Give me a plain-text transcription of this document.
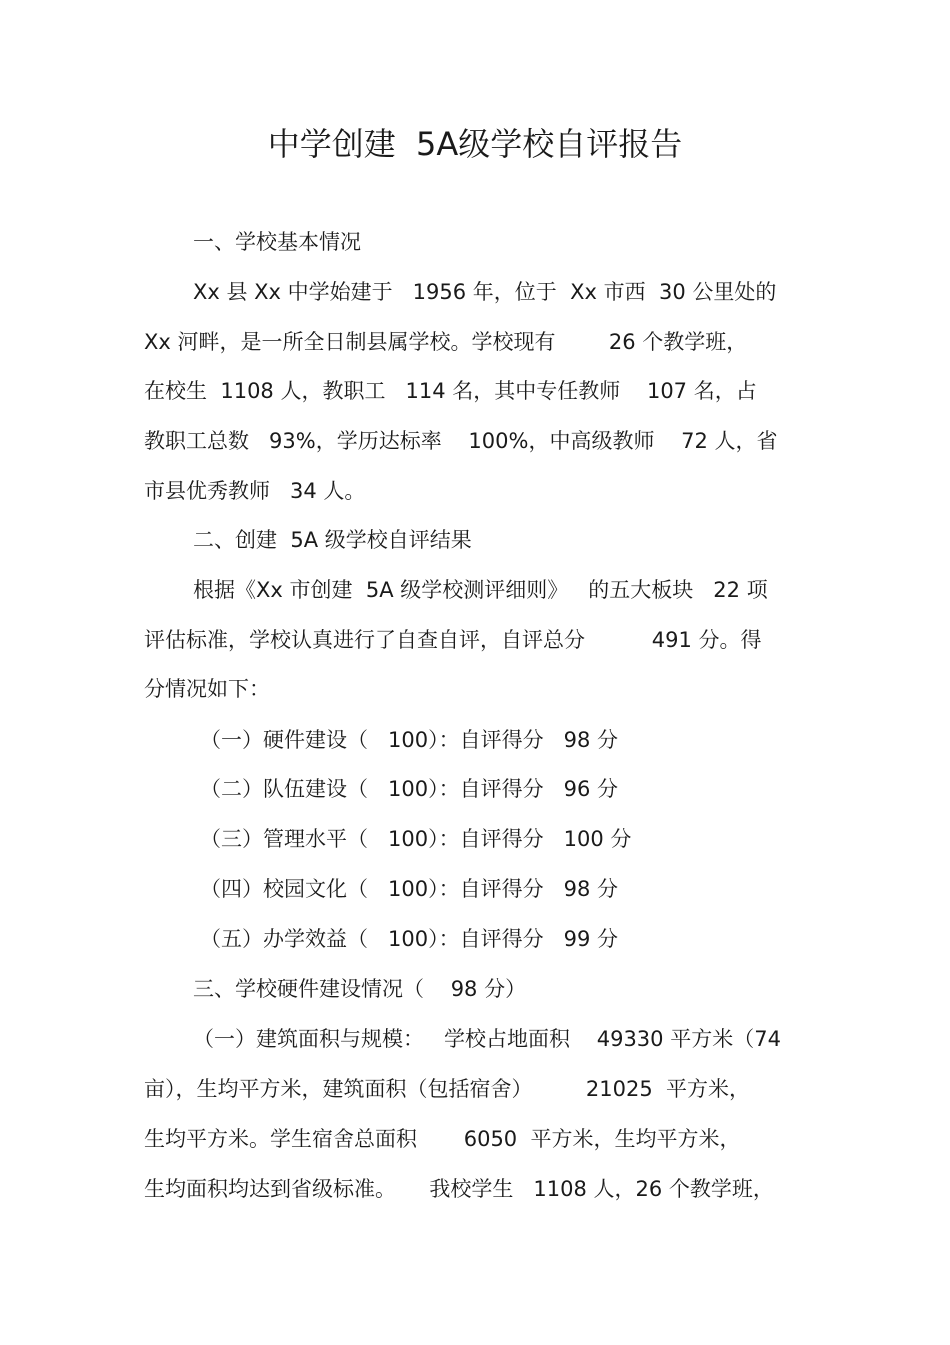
中学创建  5A级学校自评报告
一、学校基本情况
Xx 县 Xx 中学始建于   1956 年，位于  Xx 市西  30 公里处的
Xx 河畔，是一所全日制县属学校。学校现有        26 个教学班，
在校生  1108 人，教职工   114 名，其中专任教师    107 名，占
教职工总数   93%，学历达标率    100%，中高级教师    72 人，省
市县优秀教师   34 人。
二、创建  5A 级学校自评结果
根据《Xx 市创建  5A 级学校测评细则》   的五大板块   22 项
评估标准，学校认真进行了自查自评，自评总分          491 分。得
分情况如下：
（一）硬件建设（   100）：自评得分   98 分
（二）队伍建设（   100）：自评得分   96 分
（三）管理水平（   100）：自评得分   100 分
（四）校园文化（   100）：自评得分   98 分
（五）办学效益（   100）：自评得分   99 分
三、学校硬件建设情况（    98 分）
（一）建筑面积与规模：   学校占地面积    49330 平方米（74
亩），生均平方米，建筑面积（包括宿舍）        21025  平方米，
生均平方米。学生宿舍总面积       6050  平方米，生均平方米，
生均面积均达到省级标准。     我校学生   1108 人，26 个教学班，
